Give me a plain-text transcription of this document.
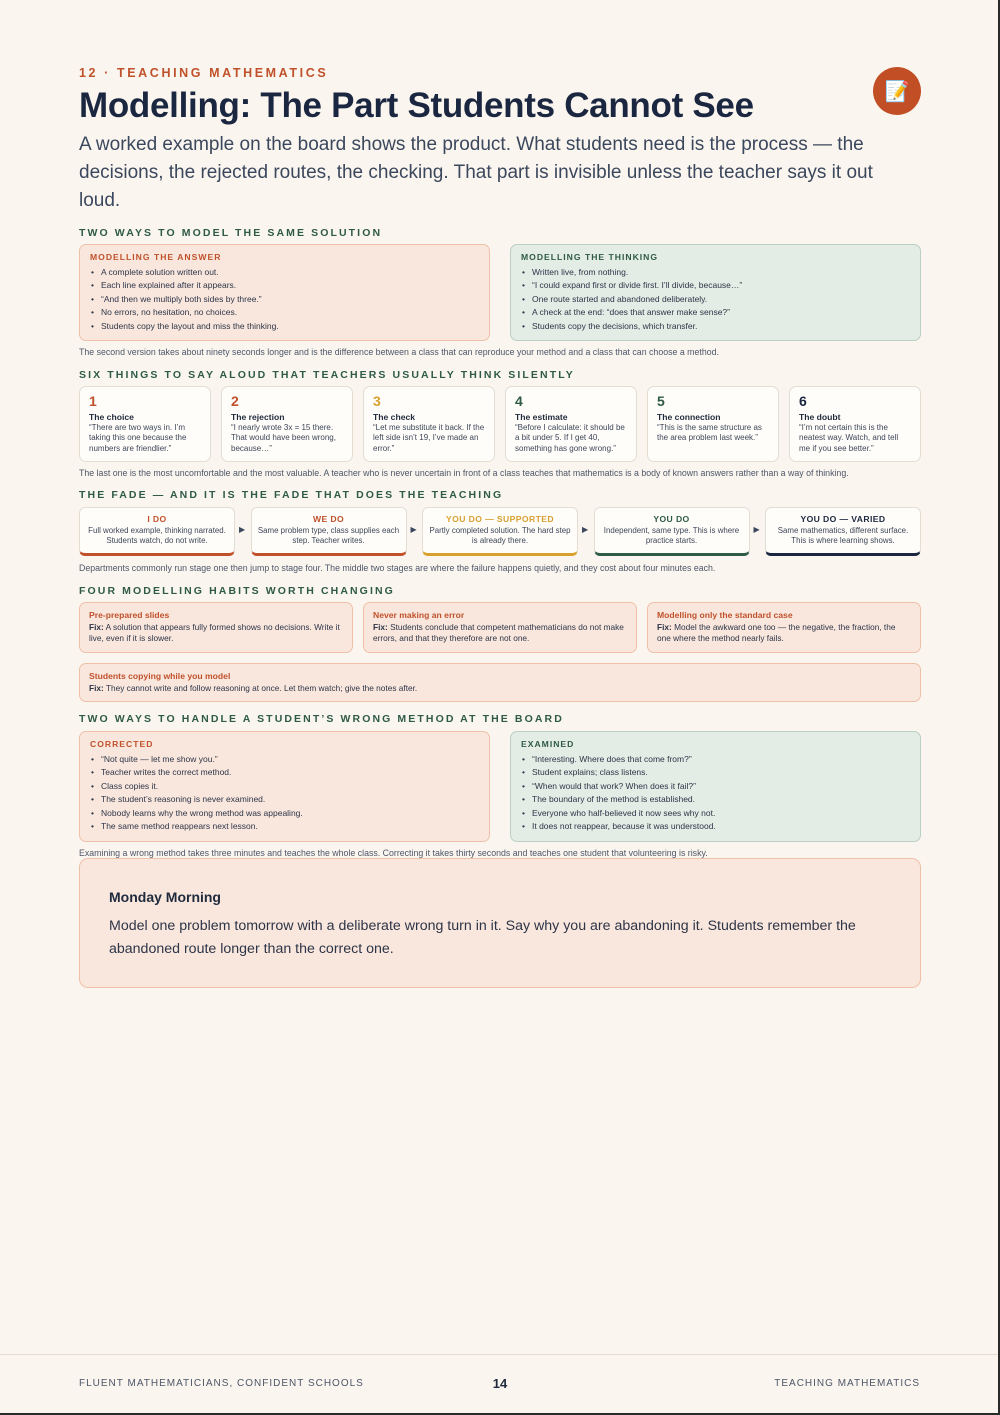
12 · TEACHING MATHEMATICS
Modelling: The Part Students Cannot See	📝
A worked example on the board shows the product. What students need is the process — the decisions, the rejected routes, the checking. That part is invisible unless the teacher says it out loud.
TWO WAYS TO MODEL THE SAME SOLUTION
MODELLING THE ANSWER
• A complete solution written out.
• Each line explained after it appears.
• “And then we multiply both sides by three.”
• No errors, no hesitation, no choices.
• Students copy the layout and miss the thinking.
MODELLING THE THINKING
• Written live, from nothing.
• “I could expand first or divide first. I’ll divide, because…”
• One route started and abandoned deliberately.
• A check at the end: “does that answer make sense?”
• Students copy the decisions, which transfer.
The second version takes about ninety seconds longer and is the difference between a class that can reproduce your method and a class that can choose a method.
SIX THINGS TO SAY ALOUD THAT TEACHERS USUALLY THINK SILENTLY
1
The choice
“There are two ways in. I’m taking this one because the numbers are friendlier.”
2
The rejection
“I nearly wrote 3x = 15 there. That would have been wrong, because…”
3
The check
“Let me substitute it back. If the left side isn’t 19, I’ve made an error.”
4
The estimate
“Before I calculate: it should be a bit under 5. If I get 40, something has gone wrong.”
5
The connection
“This is the same structure as the area problem last week.”
6
The doubt
“I’m not certain this is the neatest way. Watch, and tell me if you see better.”
The last one is the most uncomfortable and the most valuable. A teacher who is never uncertain in front of a class teaches that mathematics is a body of known answers rather than a way of thinking.
THE FADE — AND IT IS THE FADE THAT DOES THE TEACHING
I DO
Full worked example, thinking narrated. Students watch, do not write.
▶
WE DO
Same problem type, class supplies each step. Teacher writes.
▶
YOU DO — SUPPORTED
Partly completed solution. The hard step is already there.
▶
YOU DO
Independent, same type. This is where practice starts.
▶
YOU DO — VARIED
Same mathematics, different surface. This is where learning shows.
Departments commonly run stage one then jump to stage four. The middle two stages are where the failure happens quietly, and they cost about four minutes each.
FOUR MODELLING HABITS WORTH CHANGING
Pre-prepared slides
Fix: A solution that appears fully formed shows no decisions. Write it live, even if it is slower.
Never making an error
Fix: Students conclude that competent mathematicians do not make errors, and that they therefore are not one.
Modelling only the standard case
Fix: Model the awkward one too — the negative, the fraction, the one where the method nearly fails.
Students copying while you model
Fix: They cannot write and follow reasoning at once. Let them watch; give the notes after.
TWO WAYS TO HANDLE A STUDENT’S WRONG METHOD AT THE BOARD
CORRECTED
• “Not quite — let me show you.”
• Teacher writes the correct method.
• Class copies it.
• The student’s reasoning is never examined.
• Nobody learns why the wrong method was appealing.
• The same method reappears next lesson.
EXAMINED
• “Interesting. Where does that come from?”
• Student explains; class listens.
• “When would that work? When does it fail?”
• The boundary of the method is established.
• Everyone who half-believed it now sees why not.
• It does not reappear, because it was understood.
Examining a wrong method takes three minutes and teaches the whole class. Correcting it takes thirty seconds and teaches one student that volunteering is risky.
Monday Morning
Model one problem tomorrow with a deliberate wrong turn in it. Say why you are abandoning it. Students remember the abandoned route longer than the correct one.
FLUENT MATHEMATICIANS, CONFIDENT SCHOOLS	14	TEACHING MATHEMATICS
